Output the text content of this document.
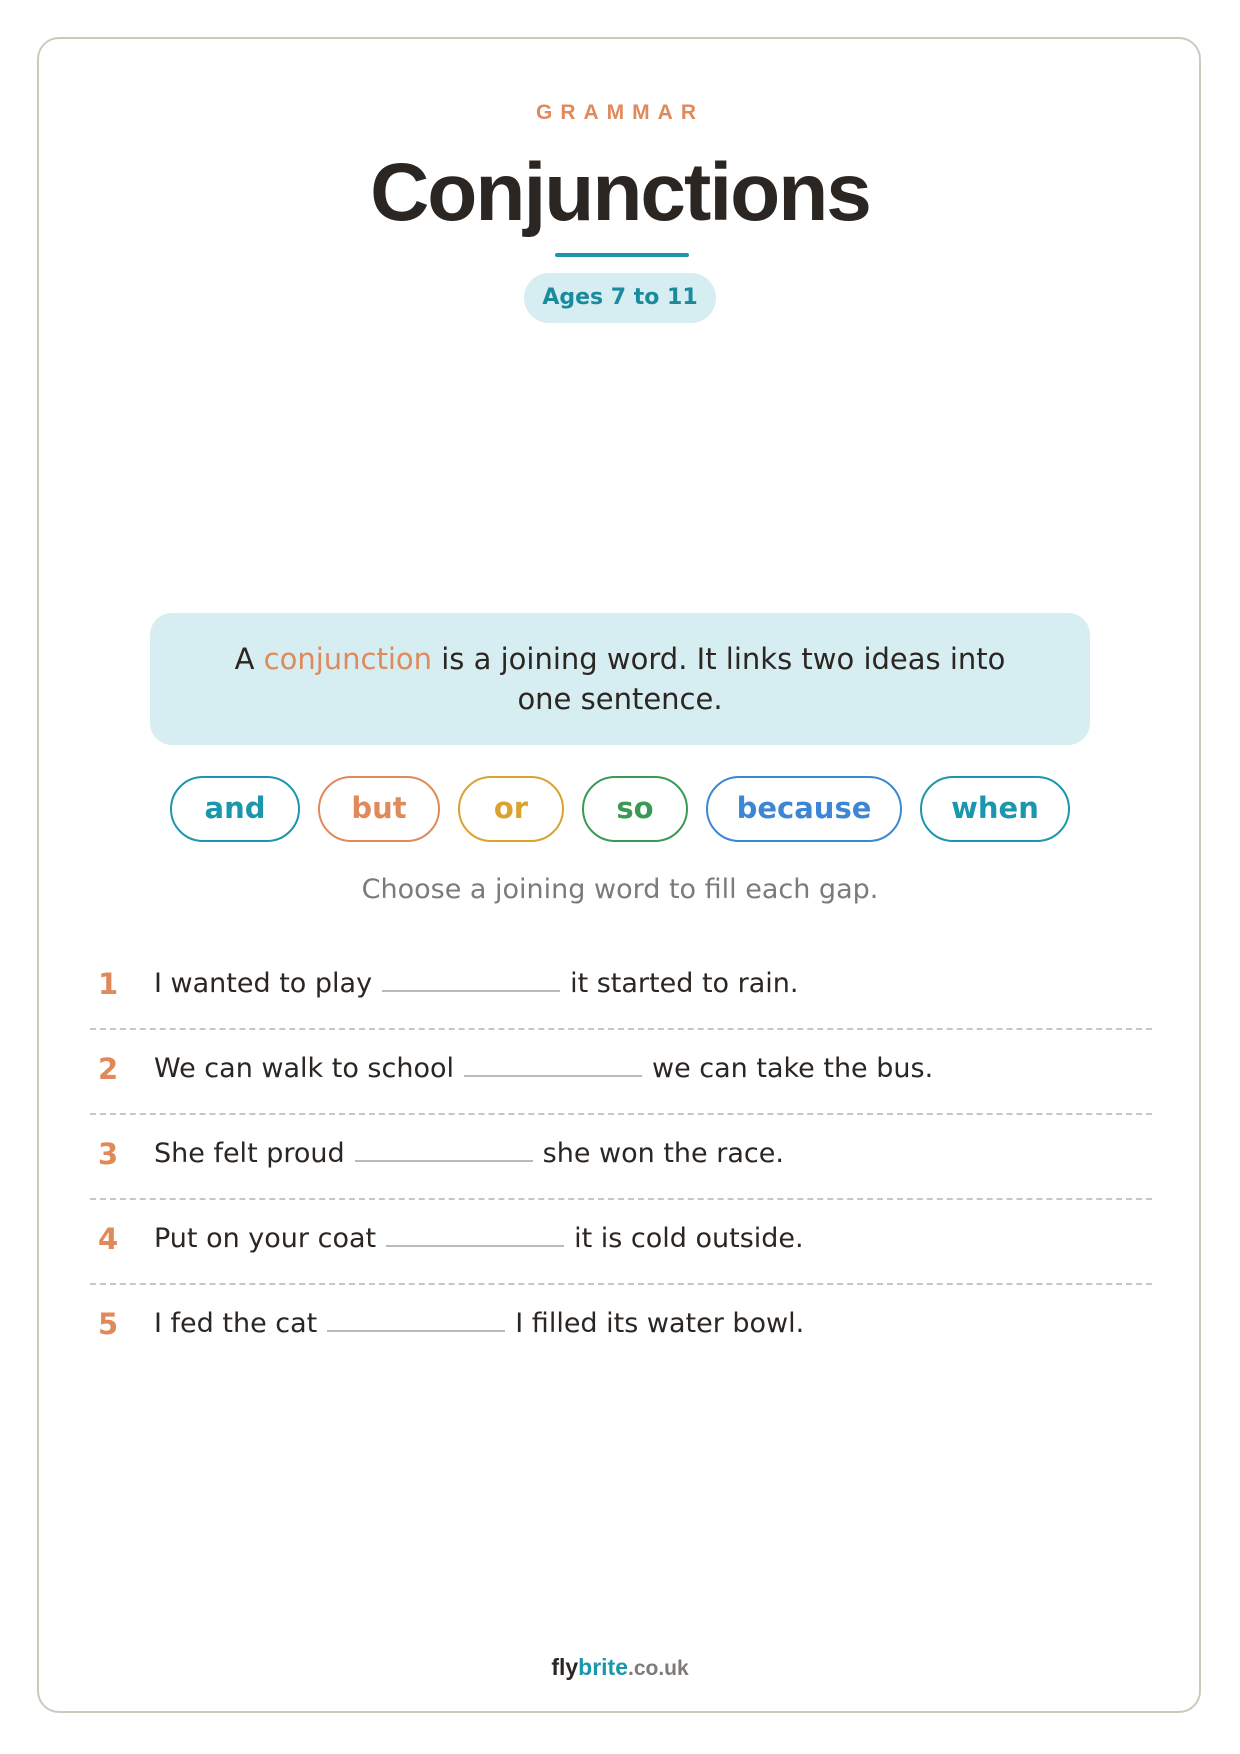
GRAMMAR
Conjunctions
Ages 7 to 11
A conjunction is a joining word. It links two ideas into one sentence.
and	but	or	so	because	when
Choose a joining word to fill each gap.
1 I wanted to play	it started to rain.
2 We can walk to school	we can take the bus.
3 She felt proud	she won the race.
4 Put on your coat	it is cold outside.
5 I fed the cat	I filled its water bowl.
flybrite.co.uk
